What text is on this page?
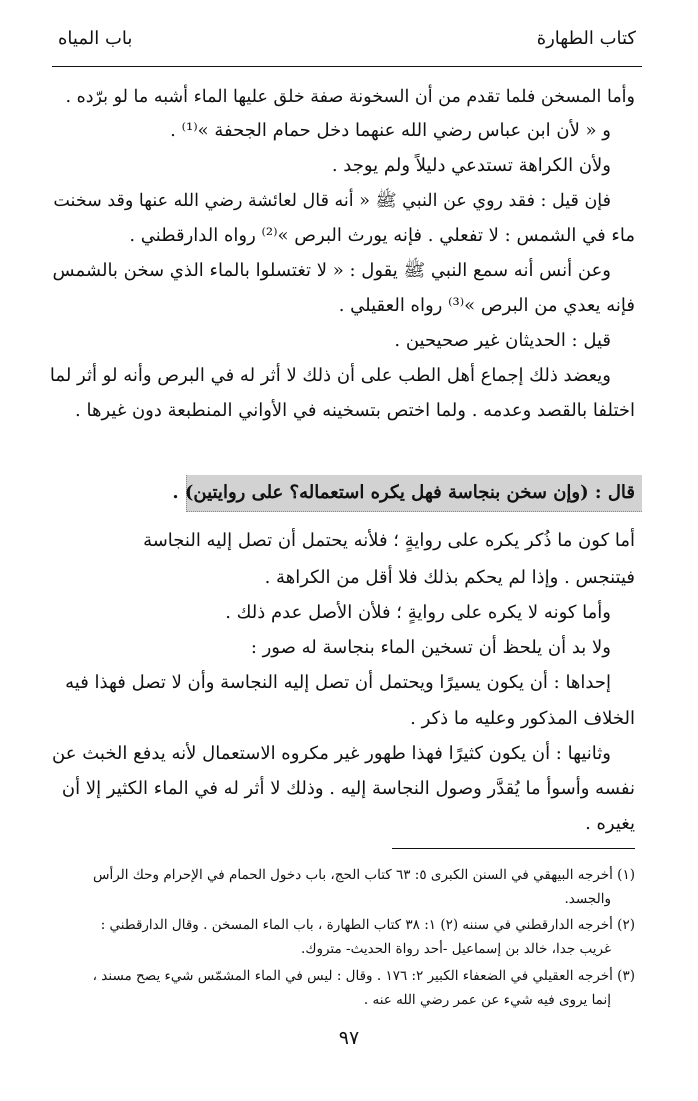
كتاب الطهارة
باب المياه
وأما المسخن فلما تقدم من أن السخونة صفة خلق عليها الماء أشبه ما لو برّده .
و « لأن ابن عباس رضي الله عنهما دخل حمام الجحفة »⁽¹⁾ .
ولأن الكراهة تستدعي دليلاً ولم يوجد .
فإن قيل : فقد روي عن النبي ﷺ « أنه قال لعائشة رضي الله عنها وقد سخنت
ماء في الشمس : لا تفعلي . فإنه يورث البرص »⁽²⁾ رواه الدارقطني .
وعن أنس أنه سمع النبي ﷺ يقول : « لا تغتسلوا بالماء الذي سخن بالشمس
فإنه يعدي من البرص »⁽³⁾ رواه العقيلي .
قيل : الحديثان غير صحيحين .
ويعضد ذلك إجماع أهل الطب على أن ذلك لا أثر له في البرص وأنه لو أثر لما
اختلفا بالقصد وعدمه . ولما اختص بتسخينه في الأواني المنطبعة دون غيرها .
قال : (وإن سخن بنجاسة فهل يكره استعماله؟ على روايتين) .
أما كون ما ذُكر يكره على روايةٍ ؛ فلأنه يحتمل أن تصل إليه النجاسة
فيتنجس . وإذا لم يحكم بذلك فلا أقل من الكراهة .
وأما كونه لا يكره على روايةٍ ؛ فلأن الأصل عدم ذلك .
ولا بد أن يلحظ أن تسخين الماء بنجاسة له صور :
إحداها : أن يكون يسيرًا ويحتمل أن تصل إليه النجاسة وأن لا تصل فهذا فيه
الخلاف المذكور وعليه ما ذكر .
وثانيها : أن يكون كثيرًا فهذا طهور غير مكروه الاستعمال لأنه يدفع الخبث عن
نفسه وأسوأ ما يُقدَّر وصول النجاسة إليه . وذلك لا أثر له في الماء الكثير إلا أن
يغيره .
(١) أخرجه البيهقي في السنن الكبرى ٥: ٦٣ كتاب الحج، باب دخول الحمام في الإحرام وحك الرأس
والجسد.
(٢) أخرجه الدارقطني في سننه (٢) ١: ٣٨ كتاب الطهارة ، باب الماء المسخن . وقال الدارقطني :
غريب جدا، خالد بن إسماعيل -أحد رواة الحديث- متروك.
(٣) أخرجه العقيلي في الضعفاء الكبير ٢: ١٧٦ . وقال : ليس في الماء المشمّس شيء يصح مسند ،
إنما يروى فيه شيء عن عمر رضي الله عنه .
٩٧
